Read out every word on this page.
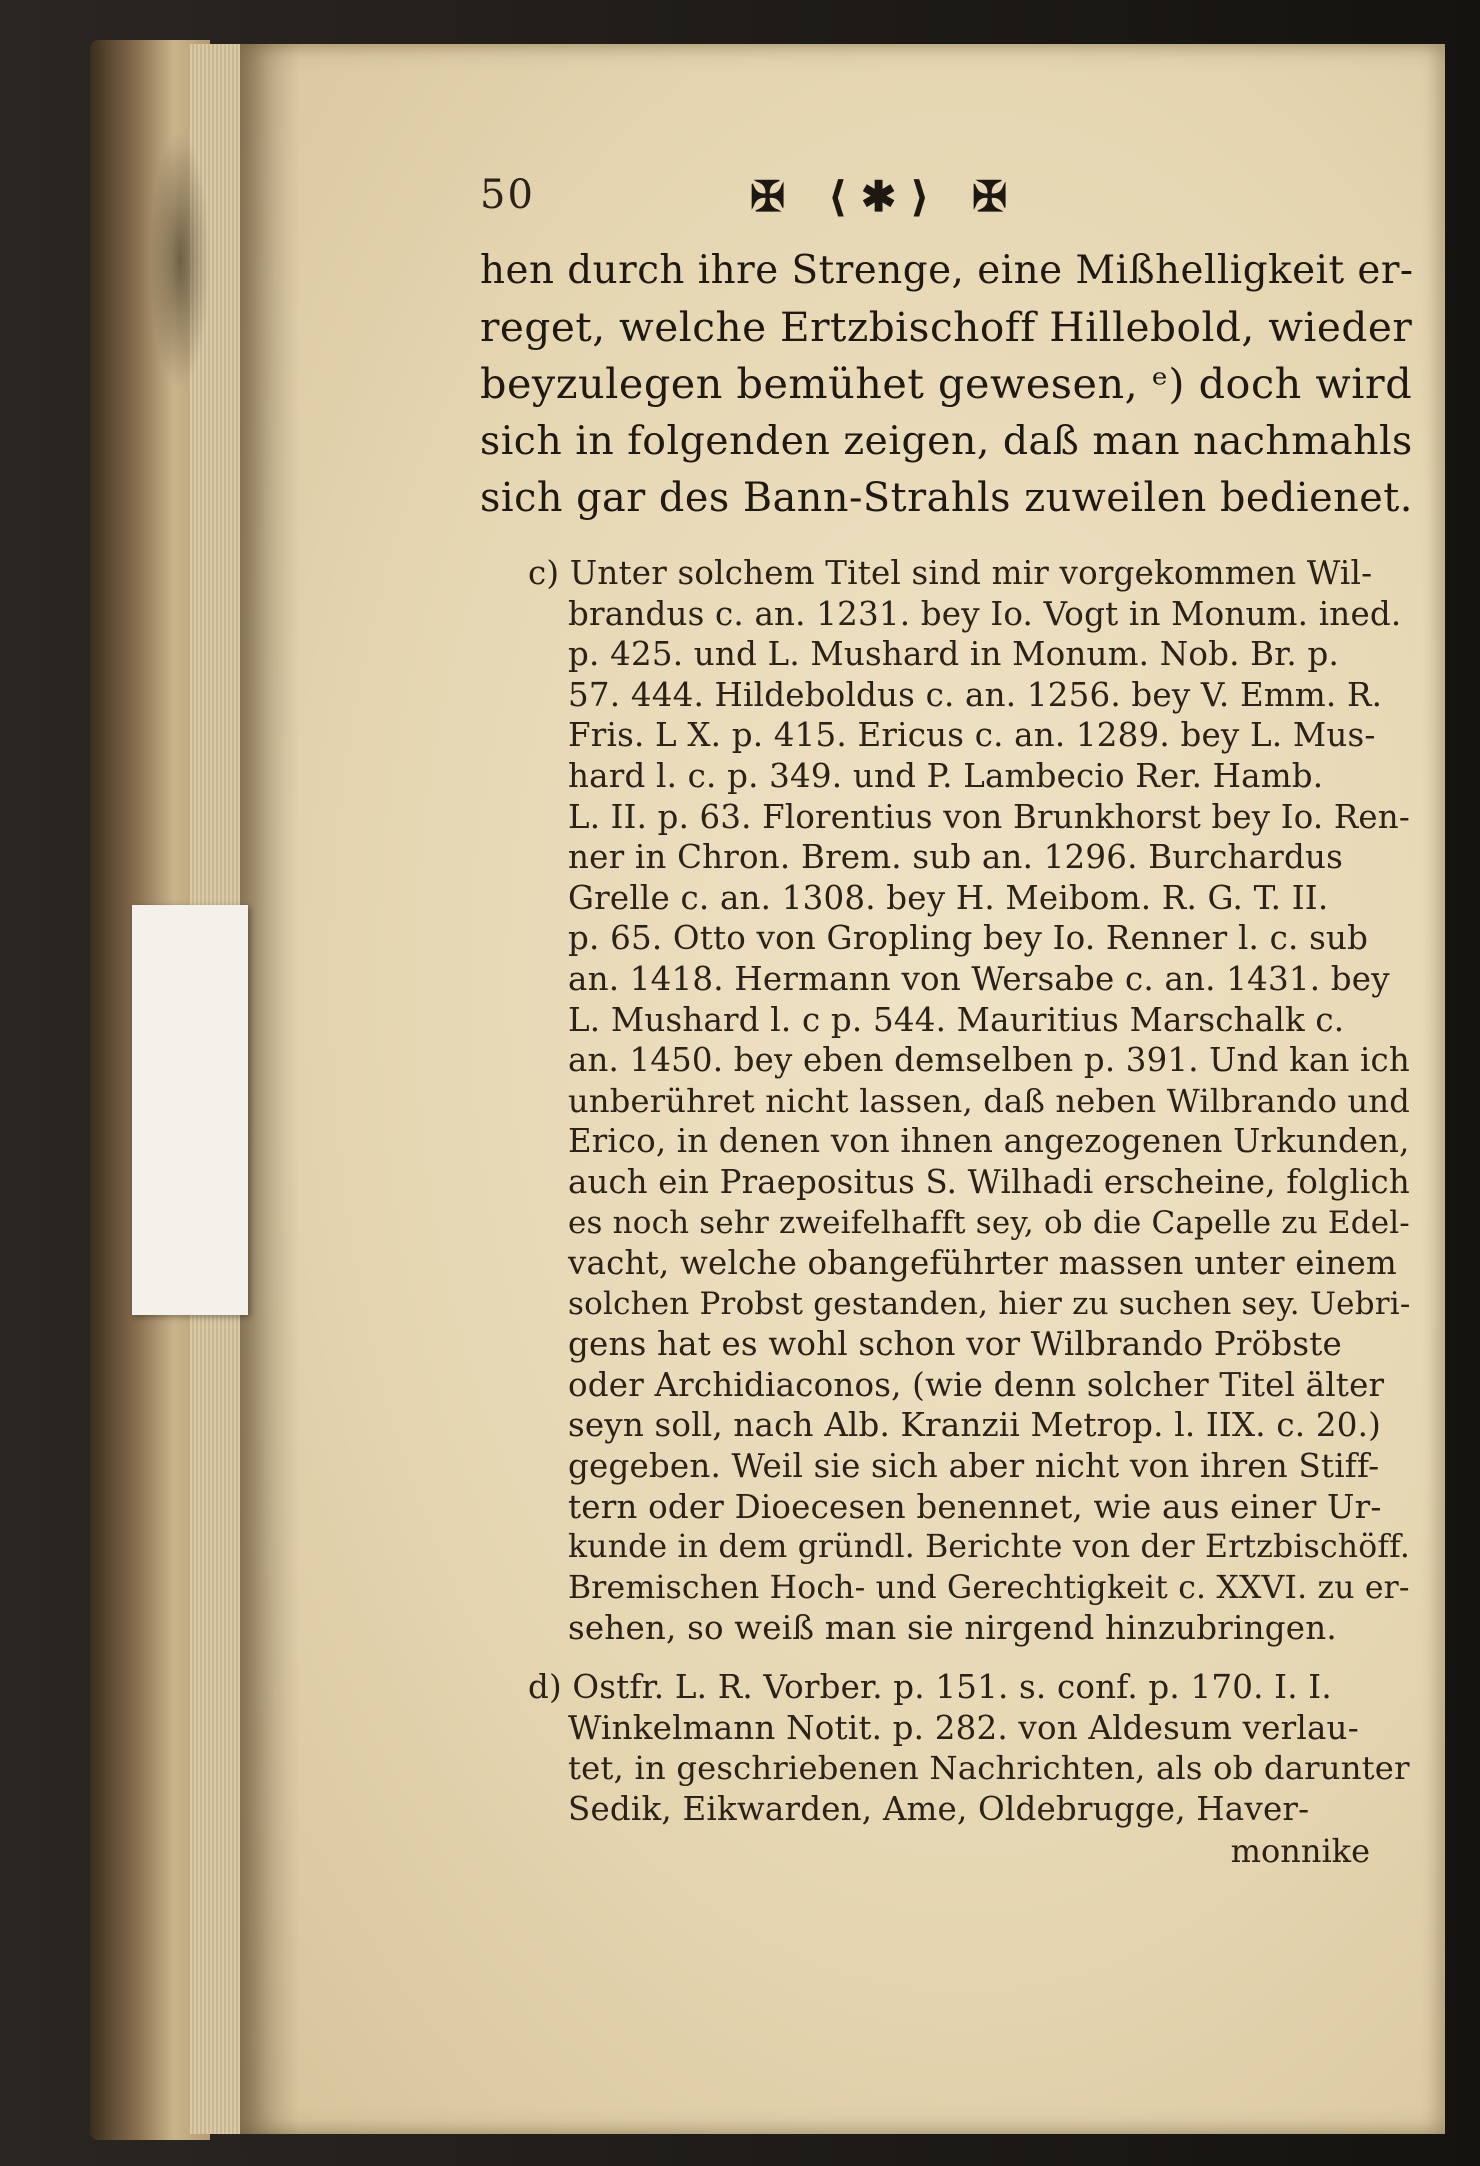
50	✠ ⟨✱⟩ ✠
hen durch ihre Strenge, eine Mißhelligkeit er-
reget, welche Ertzbischoff Hillebold, wieder
beyzulegen bemühet gewesen, ᵉ) doch wird
sich in folgenden zeigen, daß man nachmahls
sich gar des Bann-Strahls zuweilen bedienet.
c) Unter solchem Titel sind mir vorgekommen Wil-
brandus c. an. 1231. bey Io. Vogt in Monum. ined.
p. 425. und L. Mushard in Monum. Nob. Br. p.
57. 444. Hildeboldus c. an. 1256. bey V. Emm. R.
Fris. L X. p. 415. Ericus c. an. 1289. bey L. Mus-
hard l. c. p. 349. und P. Lambecio Rer. Hamb.
L. II. p. 63. Florentius von Brunkhorst bey Io. Ren-
ner in Chron. Brem. sub an. 1296. Burchardus
Grelle c. an. 1308. bey H. Meibom. R. G. T. II.
p. 65. Otto von Gropling bey Io. Renner l. c. sub
an. 1418. Hermann von Wersabe c. an. 1431. bey
L. Mushard l. c p. 544. Mauritius Marschalk c.
an. 1450. bey eben demselben p. 391. Und kan ich
unberühret nicht lassen, daß neben Wilbrando und
Erico, in denen von ihnen angezogenen Urkunden,
auch ein Praepositus S. Wilhadi erscheine, folglich
es noch sehr zweifelhafft sey, ob die Capelle zu Edel-
vacht, welche obangeführter massen unter einem
solchen Probst gestanden, hier zu suchen sey. Uebri-
gens hat es wohl schon vor Wilbrando Pröbste
oder Archidiaconos, (wie denn solcher Titel älter
seyn soll, nach Alb. Kranzii Metrop. l. IIX. c. 20.)
gegeben. Weil sie sich aber nicht von ihren Stiff-
tern oder Dioecesen benennet, wie aus einer Ur-
kunde in dem gründl. Berichte von der Ertzbischöff.
Bremischen Hoch- und Gerechtigkeit c. XXVI. zu er-
sehen, so weiß man sie nirgend hinzubringen.
d) Ostfr. L. R. Vorber. p. 151. s. conf. p. 170. I. I.
Winkelmann Notit. p. 282. von Aldesum verlau-
tet, in geschriebenen Nachrichten, als ob darunter
Sedik, Eikwarden, Ame, Oldebrugge, Haver-
monnike
